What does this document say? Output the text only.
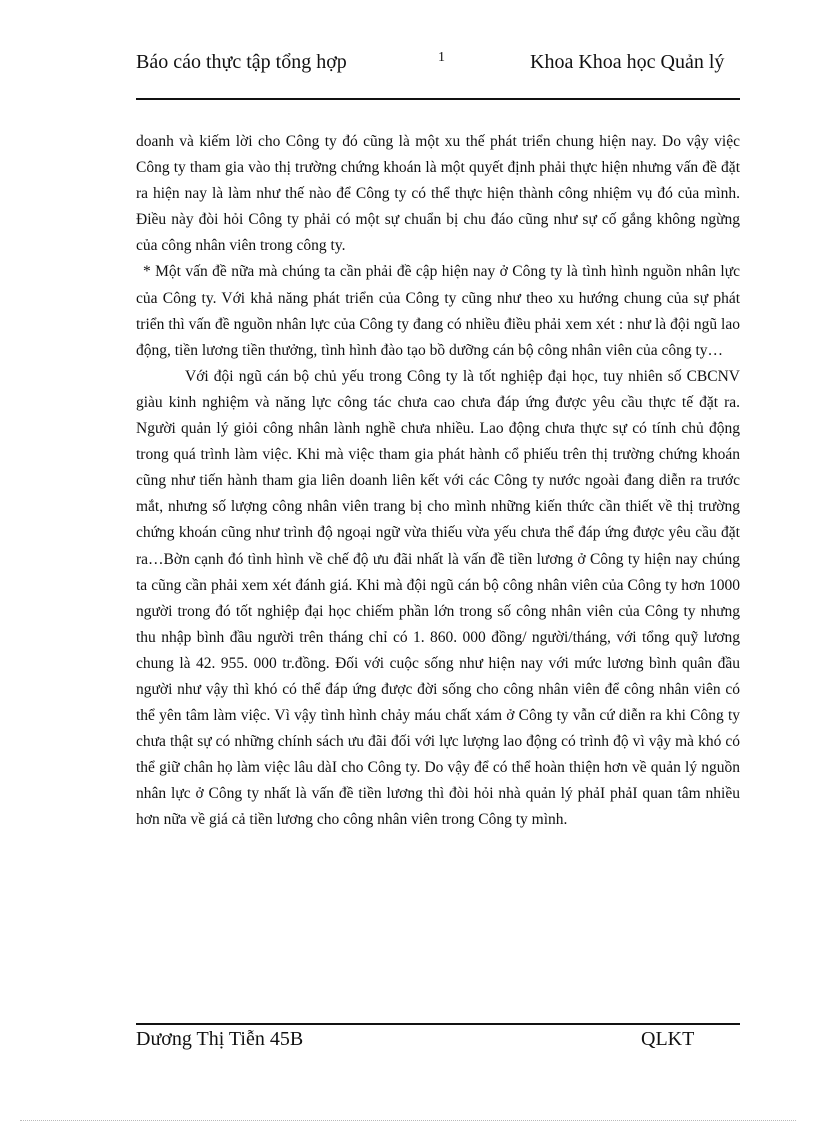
Báo cáo thực tập tổng hợp	1	Khoa Khoa học Quản lý

doanh và kiếm lời cho Công ty đó cũng là một xu thế phát triển chung hiện nay. Do vậy việc Công ty tham gia vào thị trường chứng khoán là một quyết định phải thực hiện nhưng vấn đề đặt ra hiện nay là làm như thế nào để Công ty có thể thực hiện thành công nhiệm vụ đó của mình. Điều này đòi hỏi Công ty phải có một sự chuẩn bị chu đáo cũng như sự cố gắng không ngừng của công nhân viên trong công ty.

* Một vấn đề nữa mà chúng ta cần phải đề cập hiện nay ở Công ty là tình hình nguồn nhân lực của Công ty. Với khả năng phát triển của Công ty cũng như theo xu hướng chung của sự phát triển thì vấn đề nguồn nhân lực của Công ty đang có nhiều điều phải xem xét : như là đội ngũ lao động, tiền lương tiền thưởng, tình hình đào tạo bồ dưỡng cán bộ công nhân viên của công ty…

Với đội ngũ cán bộ chủ yếu trong Công ty là tốt nghiệp đại học, tuy nhiên số CBCNV giàu kinh nghiệm và năng lực công tác chưa cao chưa đáp ứng được yêu cầu thực tế đặt ra. Người quản lý giỏi công nhân lành nghề chưa nhiều. Lao động chưa thực sự có tính chủ động trong quá trình làm việc. Khi mà việc tham gia phát hành cổ phiếu trên thị trường chứng khoán cũng như tiến hành tham gia liên doanh liên kết với các Công ty nước ngoài đang diễn ra trước mắt, nhưng số lượng công nhân viên trang bị cho mình những kiến thức cần thiết về thị trường chứng khoán cũng như trình độ ngoại ngữ vừa thiếu vừa yếu chưa thể đáp ứng được yêu cầu đặt ra…Bờn cạnh đó tình hình về chế độ ưu đãi nhất là vấn đề tiền lương ở Công ty hiện nay chúng ta cũng cần phải xem xét đánh giá. Khi mà đội ngũ cán bộ công nhân viên của Công ty hơn 1000 người trong đó tốt nghiệp đại học chiếm phần lớn trong số công nhân viên của Công ty nhưng thu nhập bình đầu người trên tháng chỉ có 1. 860. 000 đồng/ người/tháng, với tổng quỹ lương chung là 42. 955. 000 tr.đồng. Đối với cuộc sống như hiện nay với mức lương bình quân đầu người như vậy thì khó có thể đáp ứng được đời sống cho công nhân viên để công nhân viên có thể yên tâm làm việc. Vì vậy tình hình chảy máu chất xám ở Công ty vẫn cứ diễn ra khi Công ty chưa thật sự có những chính sách ưu đãi đối với lực lượng lao động có trình độ vì vậy mà khó có thể giữ chân họ làm việc lâu dàI cho Công ty. Do vậy để có thể hoàn thiện hơn về quản lý nguồn nhân lực ở Công ty nhất là vấn đề tiền lương thì đòi hỏi nhà quản lý phảI phảI quan tâm nhiều hơn nữa về giá cả tiền lương cho công nhân viên trong Công ty mình.

Dương Thị Tiễn 45B	QLKT
